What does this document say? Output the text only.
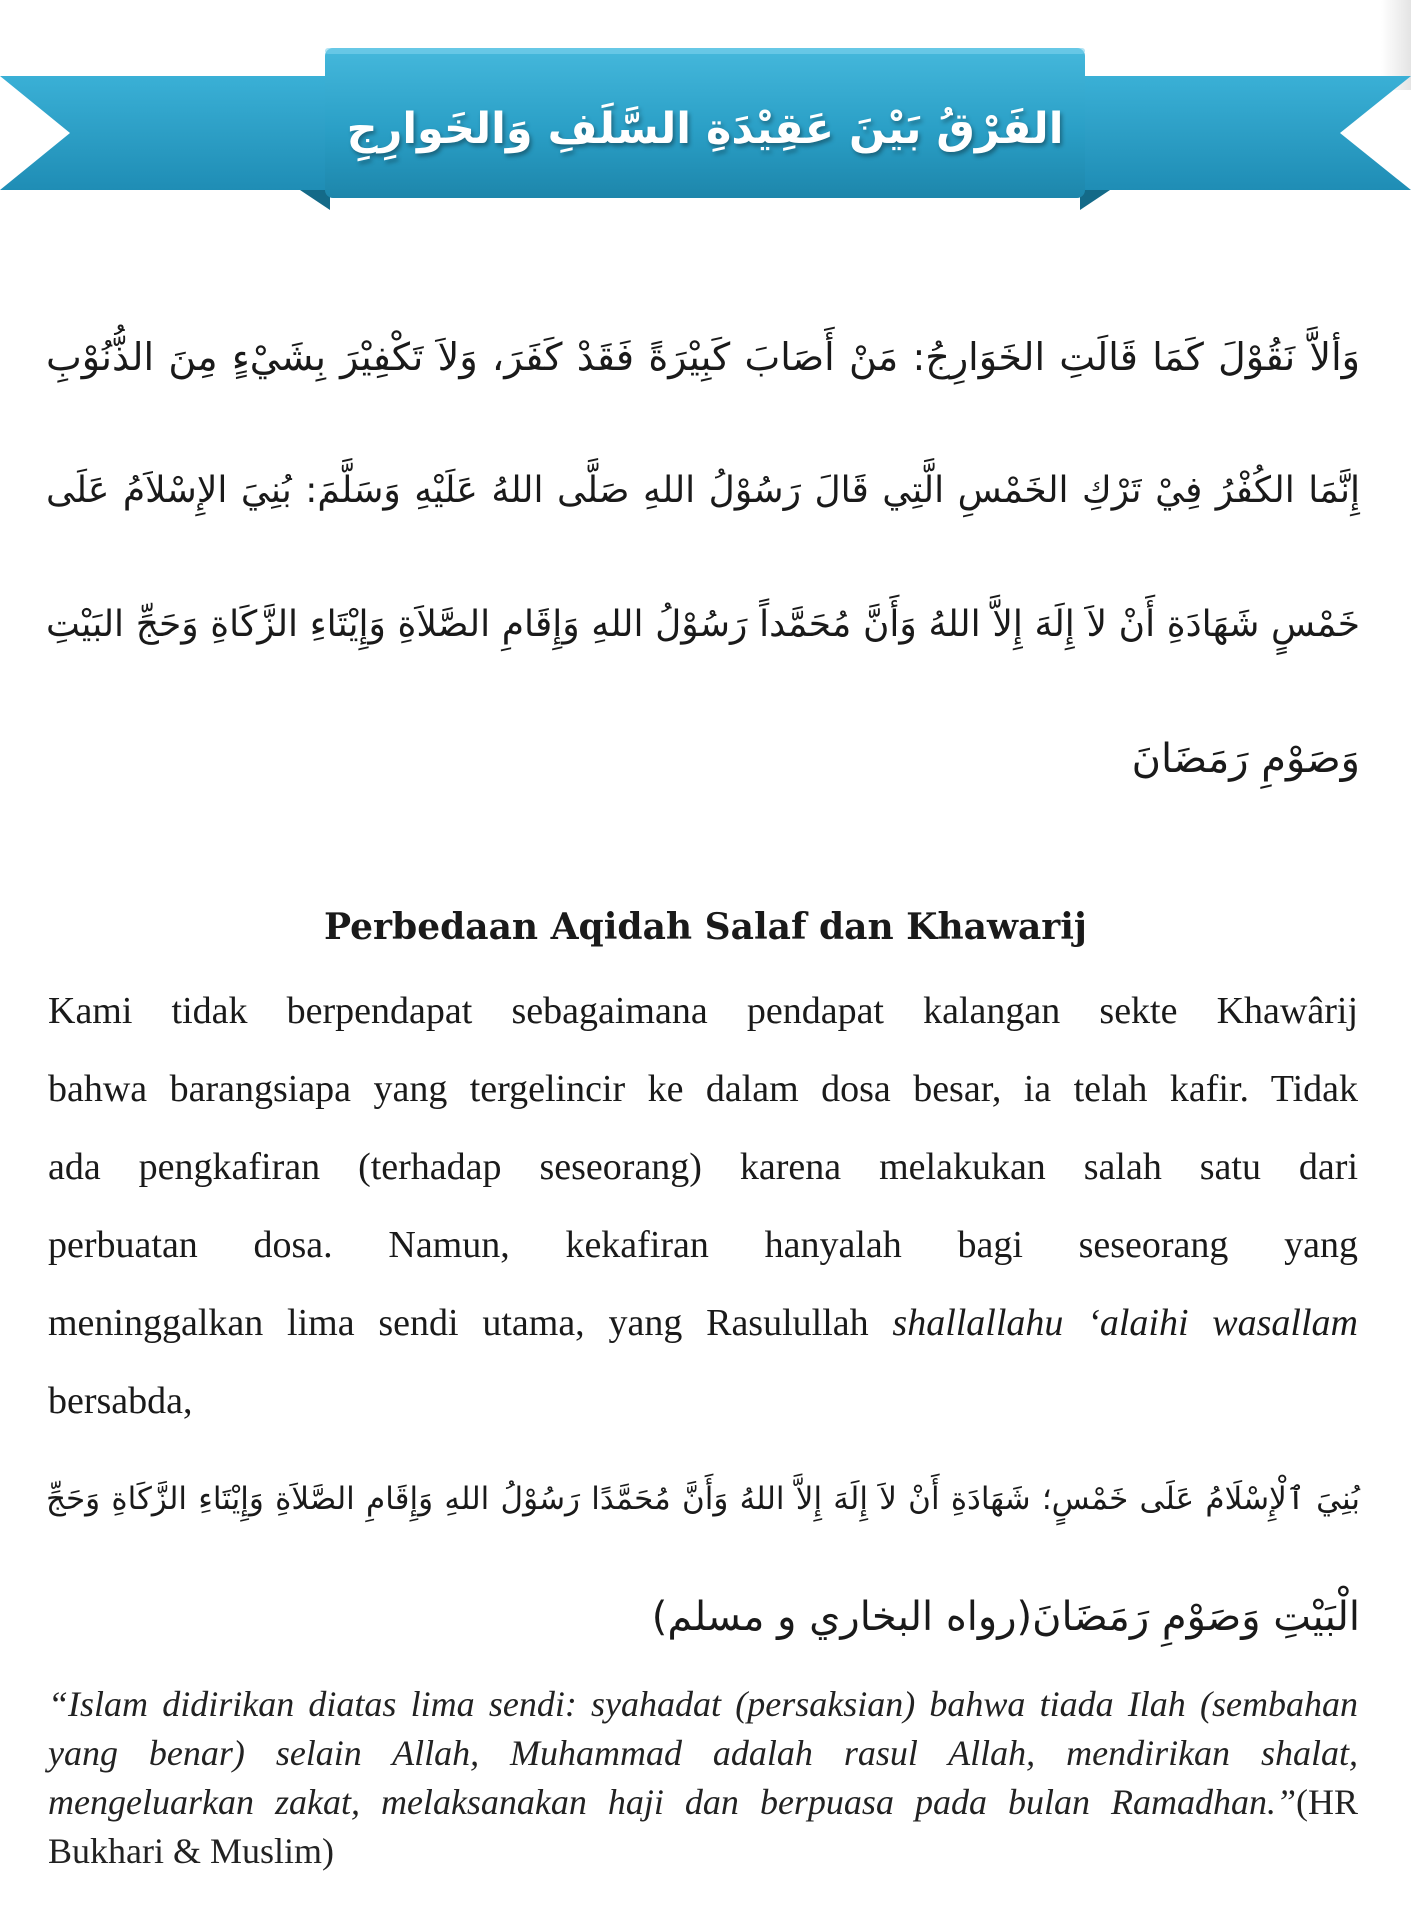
الفَرْقُ بَيْنَ عَقِيْدَةِ السَّلَفِ وَالخَوارِجِ
وَألاَّ نَقُوْلَ كَمَا قَالَتِ الخَوَارِجُ: مَنْ أَصَابَ كَبِيْرَةً فَقَدْ كَفَرَ، وَلاَ تَكْفِيْرَ بِشَيْءٍ مِنَ الذُّنُوْبِ
إِنَّمَا الكُفْرُ فِيْ تَرْكِ الخَمْسِ الَّتِي قَالَ رَسُوْلُ اللهِ صَلَّى اللهُ عَلَيْهِ وَسَلَّمَ: بُنِيَ الإِسْلاَمُ عَلَى
خَمْسٍ شَهَادَةِ أَنْ لاَ إِلَهَ إِلاَّ اللهُ وَأَنَّ مُحَمَّداً رَسُوْلُ اللهِ وَإِقَامِ الصَّلاَةِ وَإِيْتَاءِ الزَّكَاةِ وَحَجِّ البَيْتِ
وَصَوْمِ رَمَضَانَ
Perbedaan Aqidah Salaf dan Khawarij
Kami tidak berpendapat sebagaimana pendapat kalangan sekte Khawârij
bahwa barangsiapa yang tergelincir ke dalam dosa besar, ia telah kafir. Tidak
ada pengkafiran (terhadap seseorang) karena melakukan salah satu dari
perbuatan dosa. Namun, kekafiran hanyalah bagi seseorang yang
meninggalkan lima sendi utama, yang Rasulullah shallallahu ‘alaihi wasallam
bersabda,
بُنِيَ ٱلْإِسْلَامُ عَلَى خَمْسٍ؛ شَهَادَةِ أَنْ لاَ إِلَهَ إِلاَّ اللهُ وَأَنَّ مُحَمَّدًا رَسُوْلُ اللهِ وَإِقَامِ الصَّلاَةِ وَإِيْتَاءِ الزَّكَاةِ وَحَجِّ
الْبَيْتِ وَصَوْمِ رَمَضَانَ(رواه البخاري و مسلم)
“Islam didirikan diatas lima sendi: syahadat (persaksian) bahwa tiada Ilah (sembahan
yang benar) selain Allah, Muhammad adalah rasul Allah, mendirikan shalat,
mengeluarkan zakat, melaksanakan haji dan berpuasa pada bulan Ramadhan.”(HR
Bukhari & Muslim)
